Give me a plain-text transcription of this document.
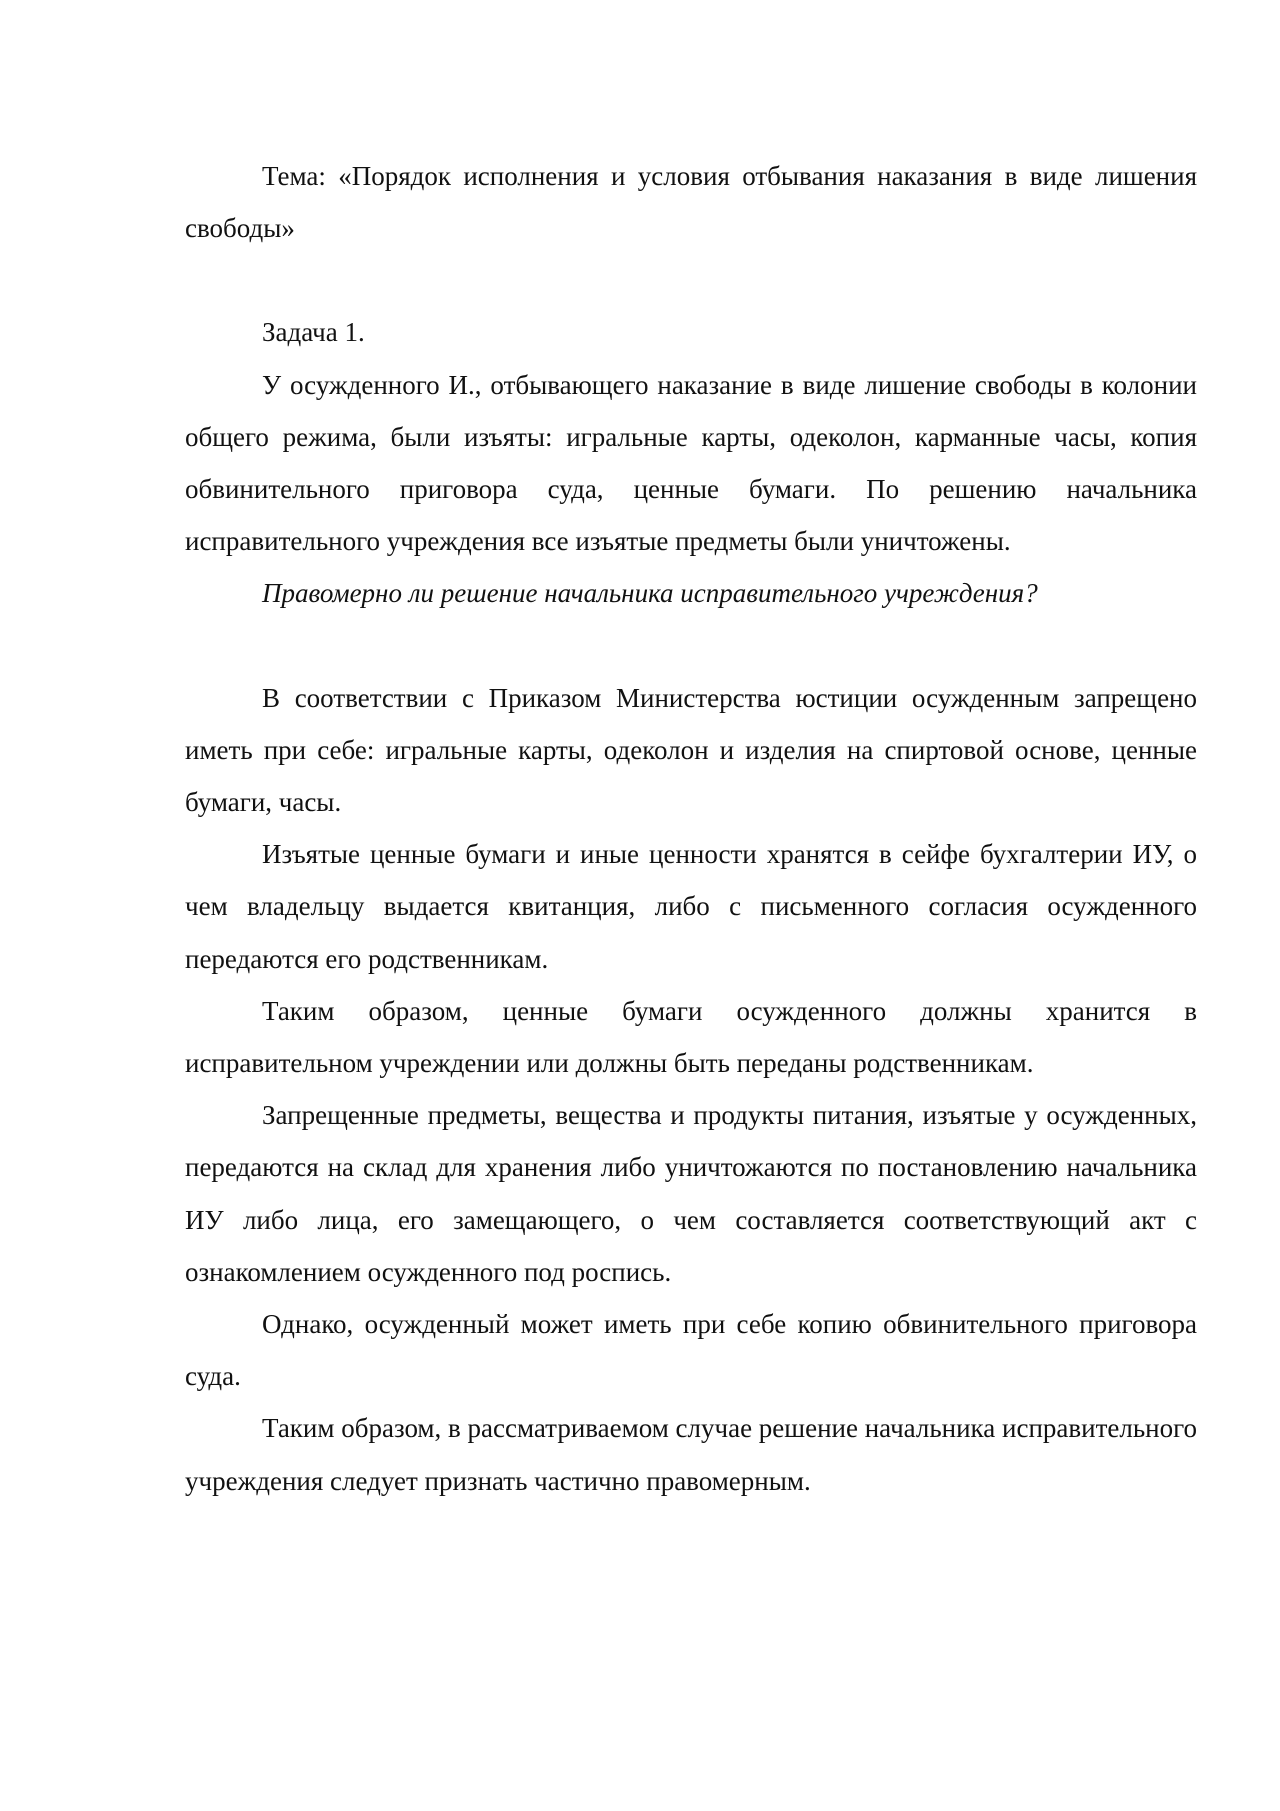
Тема: «Порядок исполнения и условия отбывания наказания в виде лишения свободы»

Задача 1.

У осужденного И., отбывающего наказание в виде лишение свободы в колонии общего режима, были изъяты: игральные карты, одеколон, карманные часы, копия обвинительного приговора суда, ценные бумаги. По решению начальника исправительного учреждения все изъятые предметы были уничтожены.

Правомерно ли решение начальника исправительного учреждения?

В соответствии с Приказом Министерства юстиции осужденным запрещено иметь при себе: игральные карты, одеколон и изделия на спиртовой основе, ценные бумаги, часы.

Изъятые ценные бумаги и иные ценности хранятся в сейфе бухгалтерии ИУ, о чем владельцу выдается квитанция, либо с письменного согласия осужденного передаются его родственникам.

Таким образом, ценные бумаги осужденного должны хранится в исправительном учреждении или должны быть переданы родственникам.

Запрещенные предметы, вещества и продукты питания, изъятые у осужденных, передаются на склад для хранения либо уничтожаются по постановлению начальника ИУ либо лица, его замещающего, о чем составляется соответствующий акт с ознакомлением осужденного под роспись.

Однако, осужденный может иметь при себе копию обвинительного приговора суда.

Таким образом, в рассматриваемом случае решение начальника исправительного учреждения следует признать частично правомерным.
